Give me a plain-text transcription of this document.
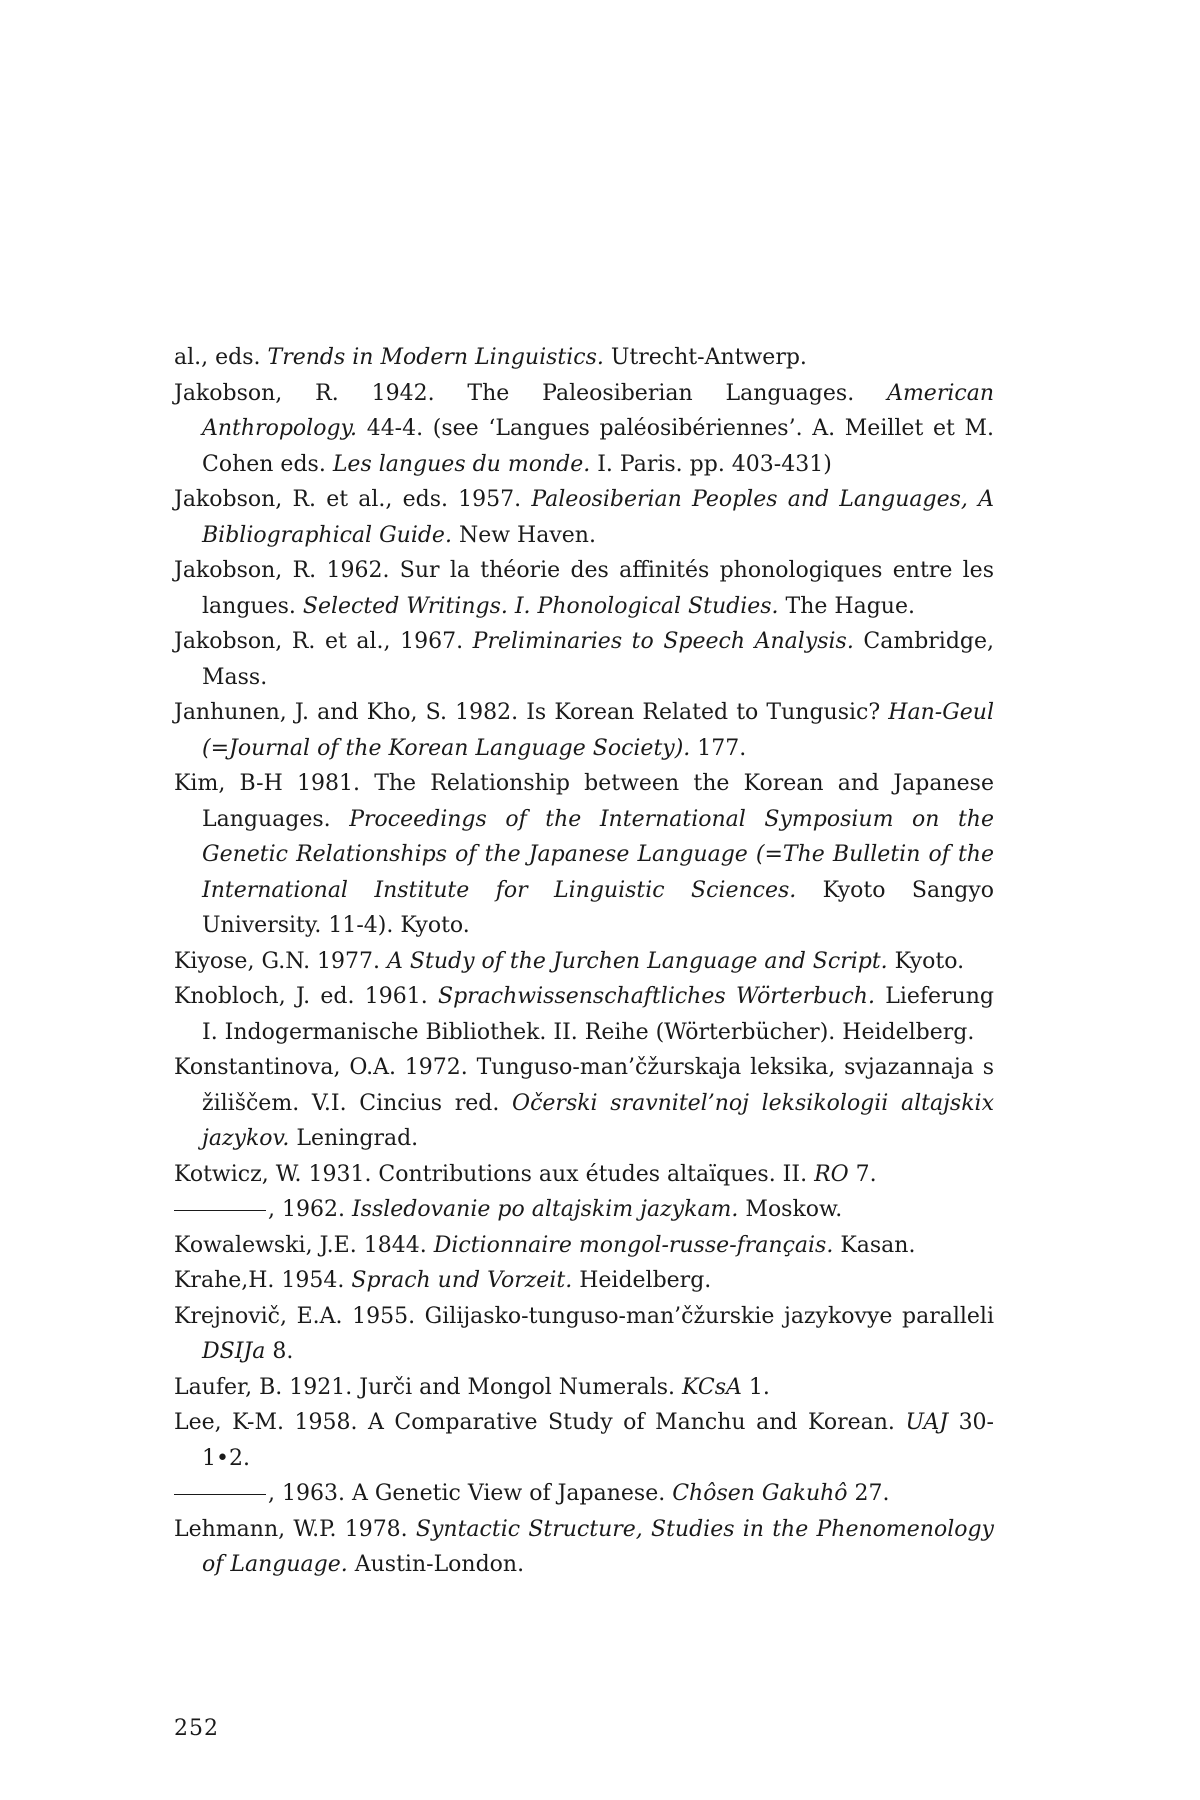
al., eds. Trends in Modern Linguistics. Utrecht-Antwerp.

Jakobson, R. 1942. The Paleosiberian Languages. American Anthropology. 44-4. (see ‘Langues paléosibériennes’. A. Meillet et M. Cohen eds. Les langues du monde. I. Paris. pp. 403-431)

Jakobson, R. et al., eds. 1957. Paleosiberian Peoples and Languages, A Bibliographical Guide. New Haven.

Jakobson, R. 1962. Sur la théorie des affinités phonologiques entre les langues. Selected Writings. I. Phonological Studies. The Hague.

Jakobson, R. et al., 1967. Preliminaries to Speech Analysis. Cambridge, Mass.

Janhunen, J. and Kho, S. 1982. Is Korean Related to Tungusic? Han-Geul (=Journal of the Korean Language Society). 177.

Kim, B-H 1981. The Relationship between the Korean and Japanese Languages. Proceedings of the International Symposium on the Genetic Relationships of the Japanese Language (=The Bulletin of the International Institute for Linguistic Sciences. Kyoto Sangyo University. 11-4). Kyoto.

Kiyose, G.N. 1977. A Study of the Jurchen Language and Script. Kyoto.

Knobloch, J. ed. 1961. Sprachwissenschaftliches Wörterbuch. Lieferung I. Indogermanische Bibliothek. II. Reihe (Wörterbücher). Heidelberg.

Konstantinova, O.A. 1972. Tunguso-man’čžurskaja leksika, svjazannaja s žiliščem. V.I. Cincius red. Očerski sravnitel’noj leksikologii altajskix jazykov. Leningrad.

Kotwicz, W. 1931. Contributions aux études altaïques. II. RO 7.

, 1962. Issledovanie po altajskim jazykam. Moskow.

Kowalewski, J.E. 1844. Dictionnaire mongol-russe-français. Kasan.

Krahe,H. 1954. Sprach und Vorzeit. Heidelberg.

Krejnovič, E.A. 1955. Gilijasko-tunguso-man’čžurskie jazykovye paralleli DSIJa 8.

Laufer, B. 1921. Jurči and Mongol Numerals. KCsA 1.

Lee, K-M. 1958. A Comparative Study of Manchu and Korean. UAJ 30-1•2.

, 1963. A Genetic View of Japanese. Chôsen Gakuhô 27.

Lehmann, W.P. 1978. Syntactic Structure, Studies in the Phenomenology of Language. Austin-London.

252
